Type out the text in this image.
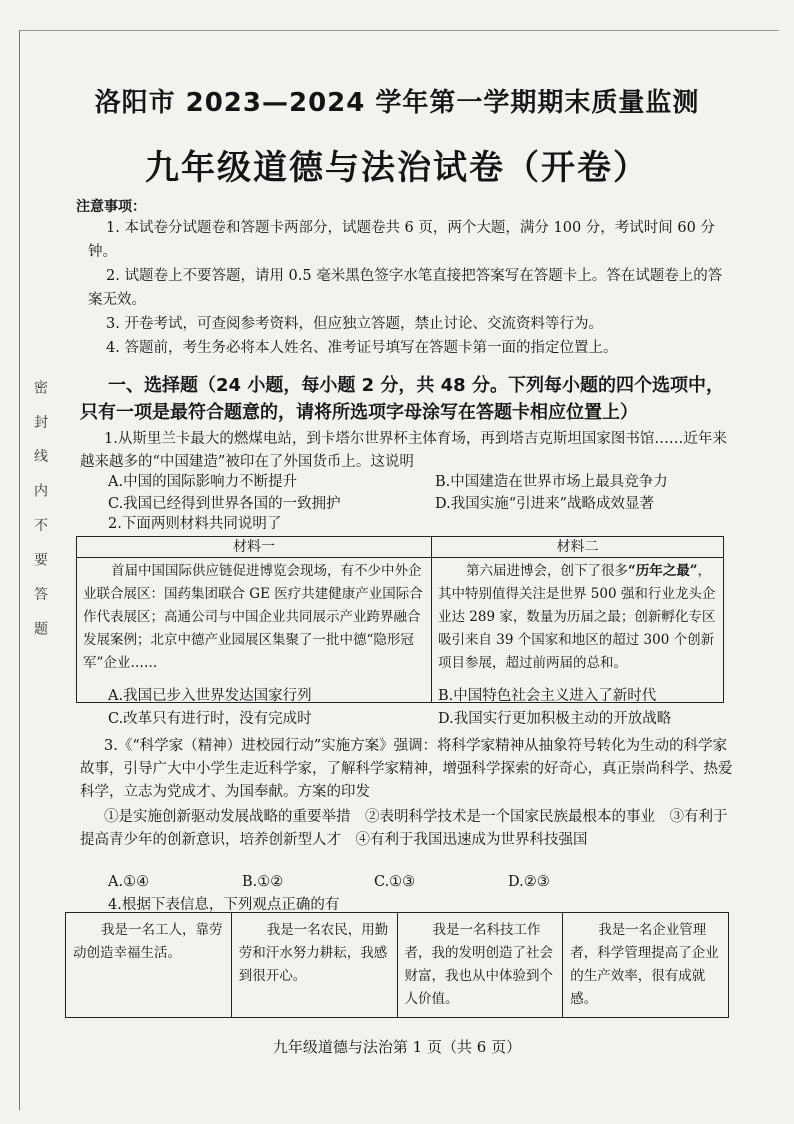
密 封 线 内 不 要 答 题
洛阳市 2023—2024 学年第一学期期末质量监测
九年级道德与法治试卷（开卷）
注意事项：
1. 本试卷分试题卷和答题卡两部分，试题卷共 6 页，两个大题，满分 100 分，考试时间 60 分钟。
2. 试题卷上不要答题，请用 0.5 毫米黑色签字水笔直接把答案写在答题卡上。答在试题卷上的答案无效。
3. 开卷考试，可查阅参考资料，但应独立答题，禁止讨论、交流资料等行为。
4. 答题前，考生务必将本人姓名、准考证号填写在答题卡第一面的指定位置上。
一、选择题（24 小题，每小题 2 分，共 48 分。下列每小题的四个选项中，只有一项是最符合题意的，请将所选项字母涂写在答题卡相应位置上）
1.从斯里兰卡最大的燃煤电站，到卡塔尔世界杯主体育场，再到塔吉克斯坦国家图书馆……近年来越来越多的“中国建造”被印在了外国货币上。这说明
A.中国的国际影响力不断提升	B.中国建造在世界市场上最具竞争力
C.我国已经得到世界各国的一致拥护	D.我国实施“引进来”战略成效显著
2.下面两则材料共同说明了
材料一	材料二
首届中国国际供应链促进博览会现场，有不少中外企业联合展区：国药集团联合 GE 医疗共建健康产业国际合作代表展区；高通公司与中国企业共同展示产业跨界融合发展案例；北京中德产业园展区集聚了一批中德“隐形冠军”企业……	第六届进博会，创下了很多“历年之最”，其中特别值得关注是世界 500 强和行业龙头企业达 289 家，数量为历届之最；创新孵化专区吸引来自 39 个国家和地区的超过 300 个创新项目参展，超过前两届的总和。
A.我国已步入世界发达国家行列	B.中国特色社会主义进入了新时代
C.改革只有进行时，没有完成时	D.我国实行更加积极主动的开放战略
3.《“科学家（精神）进校园行动”实施方案》强调：将科学家精神从抽象符号转化为生动的科学家故事，引导广大中小学生走近科学家，了解科学家精神，增强科学探索的好奇心，真正崇尚科学、热爱科学，立志为党成才、为国奉献。方案的印发
①是实施创新驱动发展战略的重要举措　②表明科学技术是一个国家民族最根本的事业　③有利于提高青少年的创新意识，培养创新型人才　④有利于我国迅速成为世界科技强国
A.①④	B.①②	C.①③	D.②③
4.根据下表信息，下列观点正确的有
我是一名工人，靠劳动创造幸福生活。	我是一名农民，用勤劳和汗水努力耕耘，我感到很开心。	我是一名科技工作者，我的发明创造了社会财富，我也从中体验到个人价值。	我是一名企业管理者，科学管理提高了企业的生产效率，很有成就感。
九年级道德与法治第 1 页（共 6 页）
